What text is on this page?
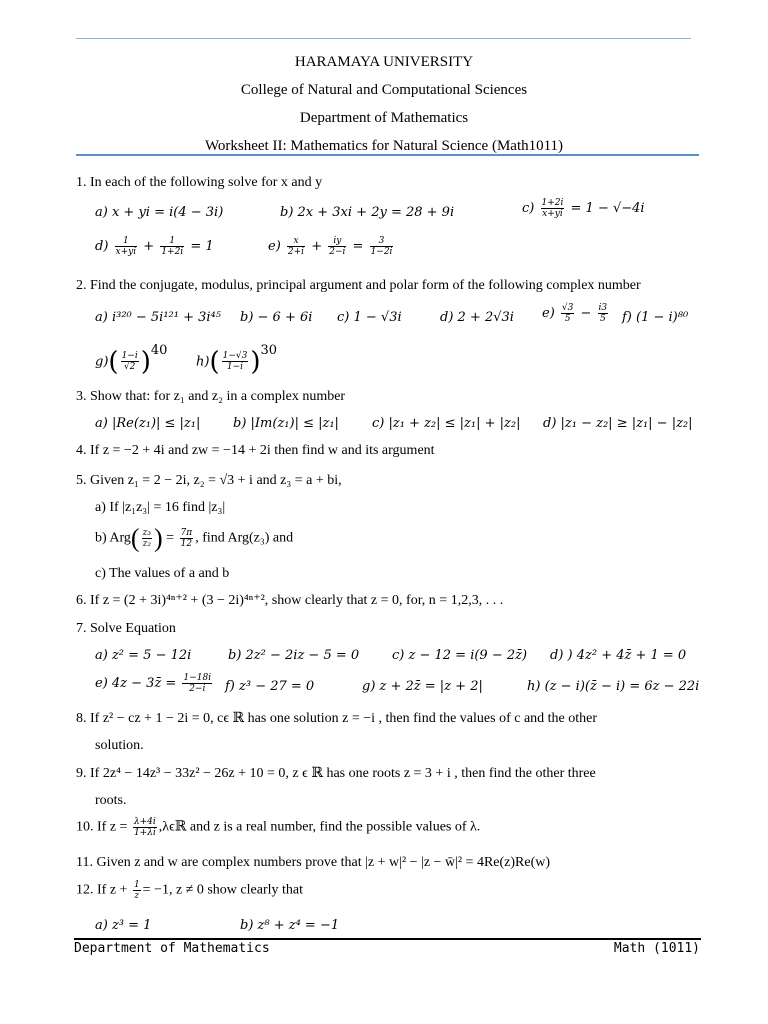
HARAMAYA UNIVERSITY
College of Natural and Computational Sciences
Department of Mathematics
Worksheet II: Mathematics for Natural Science (Math1011)
1. In each of the following solve for x and y
a) x + yi = i(4 − 3i)	b) 2x + 3xi + 2y = 28 + 9i	$c) \frac{1+2i}{x+yi} = 1 - √-4i$
$d) \frac{1}{x+yi} + \frac{1}{1+2i} = 1$	$e) \frac{x}{2+i} + \frac{iy}{2-i} = \frac{3}{1-2i}$
2. Find the conjugate, modulus, principal argument and polar form of the following complex number
a) i³²⁰ − 5i¹²¹ + 3i⁴⁵ b) − 6 + 6i c) 1 − √3i	d) 2 + 2√3i $e) \frac{√3}{5} - \frac{i3}{5} f$) (1 − i)⁸⁰
$g)( \frac{1-i}{√2} )^{40}$
$h)( \frac{1-√3}{1-i} )^{30}$
3. Show that: for z₁ and z₂ in a complex number
a) |Re(z₁)| ≤ |z₁|	b) |Im(z₁)| ≤ |z₁|	c) |z₁ + z₂| ≤ |z₁| + |z₂| d) |z₁ − z₂| ≥ |z₁| − |z₂|
4. If z = −2 + 4i and zw = −14 + 2i then find w and its argument
5. Given z₁ = 2 − 2i, z₂ = √3 + i and z₃ = a + bi,
a) If |z₁z₃| = 16 find |z₃|
b) $Arg( \frac{\text{z₃}}{\text{z₂}}$ ) = $\frac{7\pi}{12}$ , find Arg(z₃) and
c) The values of a and b
6. If z = (2 + 3i)⁴ⁿ⁺² + (3 − 2i)⁴ⁿ⁺², show clearly that z = 0, for, n = 1,2,3, . . .
7. Solve Equation
a) z² = 5 − 12i	b) 2z² − 2iz − 5 = 0	c) z − 12 = i(9 − 2z̄) d) ) 4z² + 4z̄ + 1 = 0
e) 4z − 3z̄ = $\frac{1-18i}{2-i} f$) z³ − 27 = 0	g) z + 2z̄ = |z + 2|	h) (z − i)(z̄ − i) = 6z − 22i
8. If z² − cz + 1 − 2i = 0, cϵ ℝ has one solution z = −i , then find the values of c and the other
solution.
9. If 2z⁴ − 14z³ − 33z² − 26z + 10 = 0, z ϵ ℝ has one roots z = 3 + i , then find the other three
roots.
10. If $z = \frac{\lambda+4i}{1+\lambda i}$ ,λϵℝ and z is a real number, find the possible values of λ.
11. Given z and w are complex numbers prove that |z + w|² − |z − w̄|² = 4Re(z)Re(w)
12. If $z + \frac{1}{z} = -1$, z ≠ 0 show clearly that
a) z³ = 1	b) z⁸ + z⁴ = −1
Department of Mathematics	Math (1011)
